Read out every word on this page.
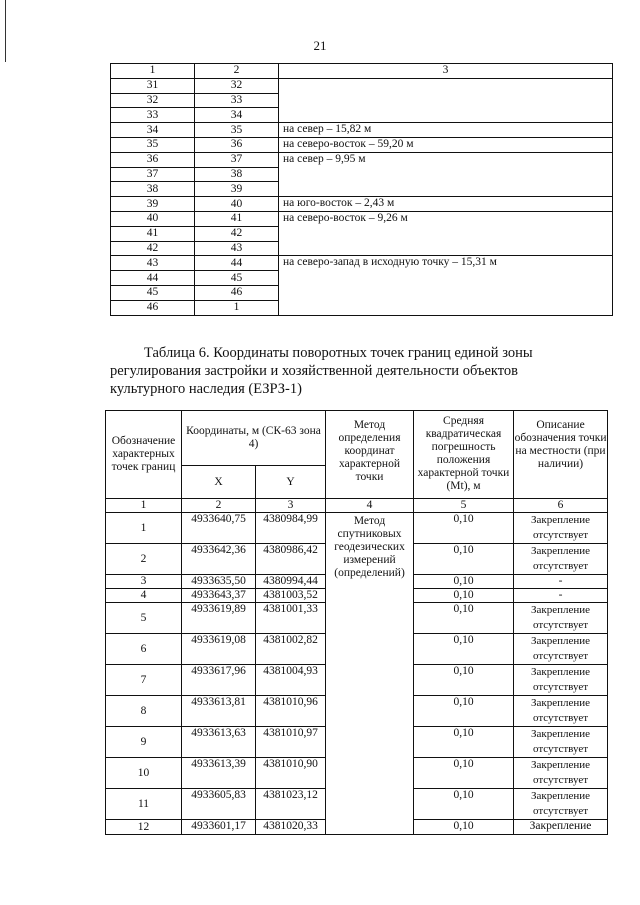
21
1	2	3
31	32	
32	33	
33	34	
34	35	на север – 15,82 м
35	36	на северо-восток – 59,20 м
36	37	на север – 9,95 м
37	38	
38	39	
39	40	на юго-восток – 2,43 м
40	41	на северо-восток – 9,26 м
41	42	
42	43	
43	44	на северо-запад в исходную точку – 15,31 м
44	45	
45	46	
46	1	
Таблица 6. Координаты поворотных точек границ единой зоны
регулирования застройки и хозяйственной деятельности объектов
культурного наследия (ЕЗРЗ-1)
Обозначение характерных точек границ	Координаты, м (СК-63 зона 4)		Метод определения координат характерной точки	Средняя квадратическая погрешность положения характерной точки (Mt), м	Описание обозначения точки на местности (при наличии)
	X	Y			
1	2	3	4	5	6
1	4933640,75	4380984,99	Метод спутниковых геодезических измерений (определений)	0,10	Закрепление отсутствует
2	4933642,36	4380986,42		0,10	Закрепление отсутствует
3	4933635,50	4380994,44		0,10	-
4	4933643,37	4381003,52		0,10	-
5	4933619,89	4381001,33		0,10	Закрепление отсутствует
6	4933619,08	4381002,82		0,10	Закрепление отсутствует
7	4933617,96	4381004,93		0,10	Закрепление отсутствует
8	4933613,81	4381010,96		0,10	Закрепление отсутствует
9	4933613,63	4381010,97		0,10	Закрепление отсутствует
10	4933613,39	4381010,90		0,10	Закрепление отсутствует
11	4933605,83	4381023,12		0,10	Закрепление отсутствует
12	4933601,17	4381020,33		0,10	Закрепление
